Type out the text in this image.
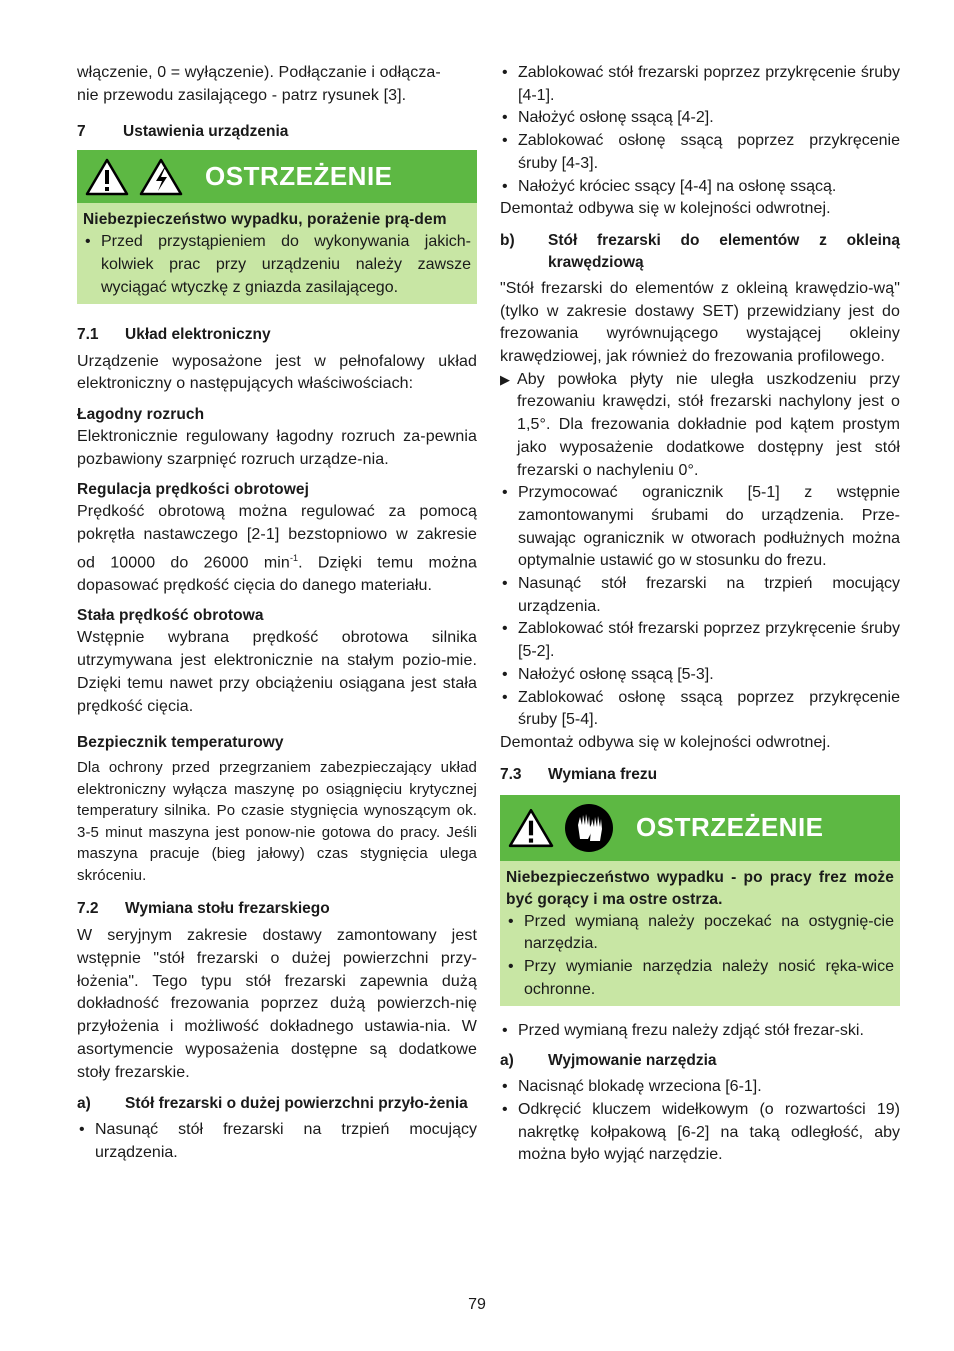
włączenie, 0 = wyłączenie). Podłączanie i odłącza-

nie przewodu zasilającego - patrz rysunek [3].

7	Ustawienia urządzenia
OSTRZEŻENIE

Niebezpieczeństwo wypadku, porażenie prą-dem

• Przed przystąpieniem do wykonywania jakich-kolwiek prac przy urządzeniu należy zawsze wyciągać wtyczkę z gniazda zasilającego.
7.1	Układ elektroniczny

Urządzenie wyposażone jest w pełnofalowy układ elektroniczny o następujących właściwościach:

Łagodny rozruch

Elektronicznie regulowany łagodny rozruch za-pewnia pozbawiony szarpnięć rozruch urządze-nia.

Regulacja prędkości obrotowej

Prędkość obrotową można regulować za pomocą pokrętła nastawczego [2-1] bezstopniowo w zakresie od 10000 do 26000 $\min^{-1}$. Dzięki temu można dopasować prędkość cięcia do danego materiału.

Stała prędkość obrotowa

Wstępnie wybrana prędkość obrotowa silnika utrzymywana jest elektronicznie na stałym pozio-mie. Dzięki temu nawet przy obciążeniu osiągana jest stała prędkość cięcia.

Bezpiecznik temperaturowy

Dla ochrony przed przegrzaniem zabezpieczający układ elektroniczny wyłącza maszynę po osiągnięciu krytycznej temperatury silnika. Po czasie stygnięcia wynoszącym ok. 3-5 minut maszyna jest ponow-nie gotowa do pracy. Jeśli maszyna pracuje (bieg jałowy) czas stygnięcia ulega skróceniu.

7.2	Wymiana stołu frezarskiego

W seryjnym zakresie dostawy zamontowany jest wstępnie "stół frezarski o dużej powierzchni przy-łożenia". Tego typu stół frezarski zapewnia dużą dokładność frezowania poprzez dużą powierzch-nię przyłożenia i możliwość dokładnego ustawia-nia. W asortymencie wyposażenia dostępne są dodatkowe stoły frezarskie.

a)	Stół frezarski o dużej powierzchni przyło-żenia
• Nasunąć stół frezarski na trzpień mocujący urządzenia.
• Zablokować stół frezarski poprzez przykręcenie śruby [4-1].
• Nałożyć osłonę ssącą [4-2].
• Zablokować osłonę ssącą poprzez przykręcenie śruby [4-3].
• Nałożyć króciec ssący [4-4] na osłonę ssącą.

Demontaż odbywa się w kolejności odwrotnej.

b)	Stół frezarski do elementów z okleiną krawędziową

"Stół frezarski do elementów z okleiną krawędzio-wą" (tylko w zakresie dostawy SET) przewidziany jest do frezowania wyrównującego wystającej okleiny krawędziowej, jak również do frezowania profilowego.

▶ Aby powłoka płyty nie uległa uszkodzeniu przy frezowaniu krawędzi, stół frezarski nachylony jest o 1,5°. Dla frezowania dokładnie pod kątem prostym jako wyposażenie dodatkowe dostępny jest stół frezarski o nachyleniu 0°.

• Przymocować ogranicznik [5-1] z wstępnie zamontowanymi śrubami do urządzenia. Prze-suwając ogranicznik w otworach podłużnych można optymalnie ustawić go w stosunku do frezu.
• Nasunąć stół frezarski na trzpień mocujący urządzenia.
• Zablokować stół frezarski poprzez przykręcenie śruby [5-2].
• Nałożyć osłonę ssącą [5-3].
• Zablokować osłonę ssącą poprzez przykręcenie śruby [5-4].

Demontaż odbywa się w kolejności odwrotnej.

7.3	Wymiana frezu
OSTRZEŻENIE

Niebezpieczeństwo wypadku - po pracy frez może być gorący i ma ostre ostrza.

• Przed wymianą należy poczekać na ostygnię-cie narzędzia.
• Przy wymianie narzędzia należy nosić ręka-wice ochronne.
• Przed wymianą frezu należy zdjąć stół frezar-ski.
a)	Wyjmowanie narzędzia
• Nacisnąć blokadę wrzeciona [6-1].
• Odkręcić kluczem widełkowym (o rozwartości 19) nakrętkę kołpakową [6-2] na taką odległość, aby można było wyjąć narzędzie.
79
